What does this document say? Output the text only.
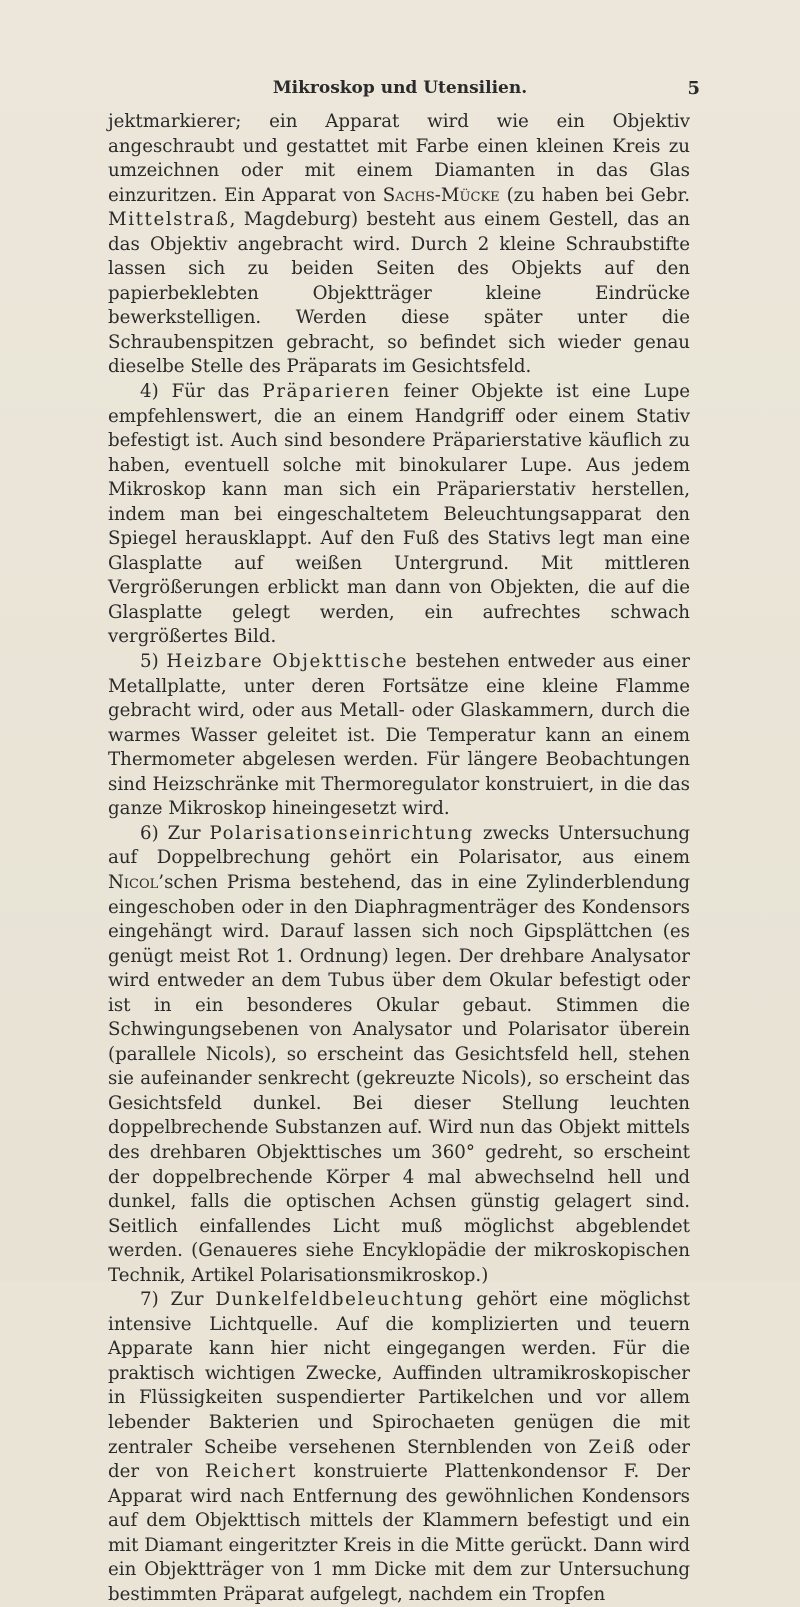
Mikroskop und Utensilien.	5

jektmarkierer; ein Apparat wird wie ein Objektiv angeschraubt und gestattet mit Farbe einen kleinen Kreis zu umzeichnen oder mit einem Diamanten in das Glas einzuritzen. Ein Apparat von Sachs-Mücke (zu haben bei Gebr. Mittelstraß, Magdeburg) besteht aus einem Gestell, das an das Objektiv angebracht wird. Durch 2 kleine Schraubstifte lassen sich zu beiden Seiten des Objekts auf den papierbeklebten Objektträger kleine Eindrücke bewerkstelligen. Werden diese später unter die Schraubenspitzen gebracht, so befindet sich wieder genau dieselbe Stelle des Präparats im Gesichtsfeld.

4) Für das Präparieren feiner Objekte ist eine Lupe empfehlenswert, die an einem Handgriff oder einem Stativ befestigt ist. Auch sind besondere Präparierstative käuflich zu haben, eventuell solche mit binokularer Lupe. Aus jedem Mikroskop kann man sich ein Präparierstativ herstellen, indem man bei eingeschaltetem Beleuchtungsapparat den Spiegel herausklappt. Auf den Fuß des Stativs legt man eine Glasplatte auf weißen Untergrund. Mit mittleren Vergrößerungen erblickt man dann von Objekten, die auf die Glasplatte gelegt werden, ein aufrechtes schwach vergrößertes Bild.

5) Heizbare Objekttische bestehen entweder aus einer Metallplatte, unter deren Fortsätze eine kleine Flamme gebracht wird, oder aus Metall- oder Glaskammern, durch die warmes Wasser geleitet ist. Die Temperatur kann an einem Thermometer abgelesen werden. Für längere Beobachtungen sind Heizschränke mit Thermoregulator konstruiert, in die das ganze Mikroskop hineingesetzt wird.

6) Zur Polarisationseinrichtung zwecks Untersuchung auf Doppelbrechung gehört ein Polarisator, aus einem Nicol’schen Prisma bestehend, das in eine Zylinderblendung eingeschoben oder in den Diaphragmenträger des Kondensors eingehängt wird. Darauf lassen sich noch Gipsplättchen (es genügt meist Rot 1. Ordnung) legen. Der drehbare Analysator wird entweder an dem Tubus über dem Okular befestigt oder ist in ein besonderes Okular gebaut. Stimmen die Schwingungsebenen von Analysator und Polarisator überein (parallele Nicols), so erscheint das Gesichtsfeld hell, stehen sie aufeinander senkrecht (gekreuzte Nicols), so erscheint das Gesichtsfeld dunkel. Bei dieser Stellung leuchten doppelbrechende Substanzen auf. Wird nun das Objekt mittels des drehbaren Objekttisches um 360° gedreht, so erscheint der doppelbrechende Körper 4 mal abwechselnd hell und dunkel, falls die optischen Achsen günstig gelagert sind. Seitlich einfallendes Licht muß möglichst abgeblendet werden. (Genaueres siehe Encyklopädie der mikroskopischen Technik, Artikel Polarisationsmikroskop.)

7) Zur Dunkelfeldbeleuchtung gehört eine möglichst intensive Lichtquelle. Auf die komplizierten und teuern Apparate kann hier nicht eingegangen werden. Für die praktisch wichtigen Zwecke, Auffinden ultramikroskopischer in Flüssigkeiten suspendierter Partikelchen und vor allem lebender Bakterien und Spirochaeten genügen die mit zentraler Scheibe versehenen Sternblenden von Zeiß oder der von Reichert konstruierte Plattenkondensor F. Der Apparat wird nach Entfernung des gewöhnlichen Kondensors auf dem Objekttisch mittels der Klammern befestigt und ein mit Diamant eingeritzter Kreis in die Mitte gerückt. Dann wird ein Objektträger von 1 mm Dicke mit dem zur Untersuchung bestimmten Präparat aufgelegt, nachdem ein Tropfen
